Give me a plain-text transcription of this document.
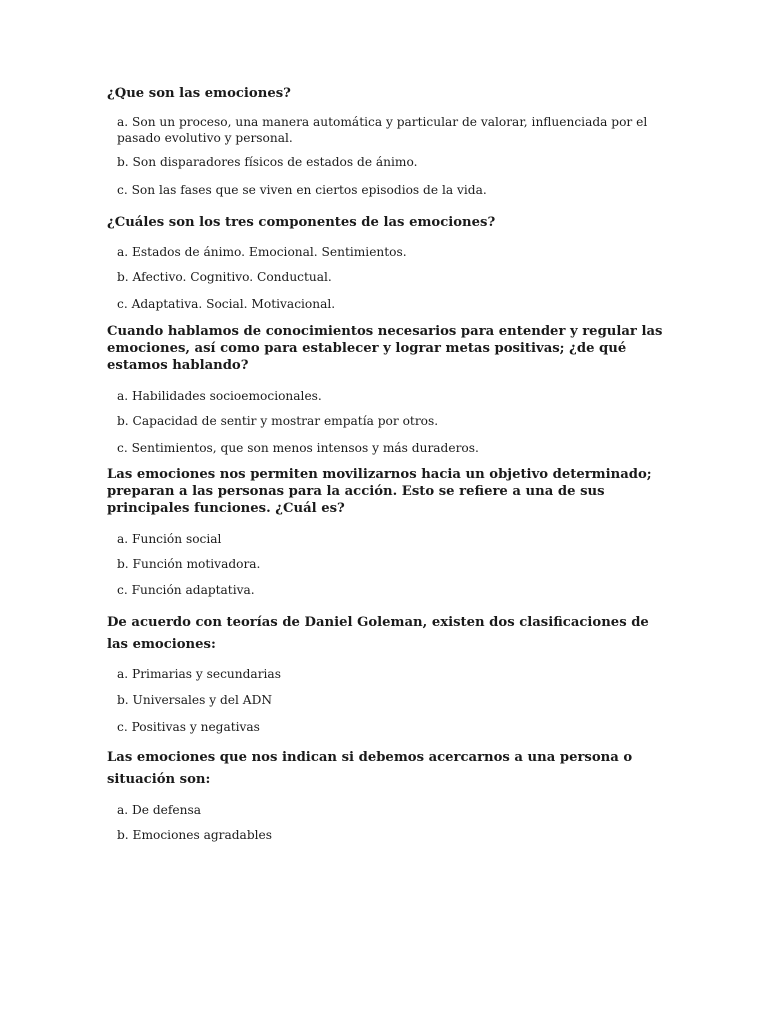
¿Que son las emociones?

a. Son un proceso, una manera automática y particular de valorar, influenciada por el pasado evolutivo y personal.

b. Son disparadores físicos de estados de ánimo.

c. Son las fases que se viven en ciertos episodios de la vida.

¿Cuáles son los tres componentes de las emociones?

a. Estados de ánimo. Emocional. Sentimientos.

b. Afectivo. Cognitivo. Conductual.

c. Adaptativa. Social. Motivacional.

Cuando hablamos de conocimientos necesarios para entender y regular las emociones, así como para establecer y lograr metas positivas; ¿de qué estamos hablando?

a. Habilidades socioemocionales.

b. Capacidad de sentir y mostrar empatía por otros.

c. Sentimientos, que son menos intensos y más duraderos.

Las emociones nos permiten movilizarnos hacia un objetivo determinado; preparan a las personas para la acción. Esto se refiere a una de sus principales funciones. ¿Cuál es?

a. Función social

b. Función motivadora.

c. Función adaptativa.

De acuerdo con teorías de Daniel Goleman, existen dos clasificaciones de las emociones:

a. Primarias y secundarias

b. Universales y del ADN

c. Positivas y negativas

Las emociones que nos indican si debemos acercarnos a una persona o situación son:

a. De defensa

b. Emociones agradables
